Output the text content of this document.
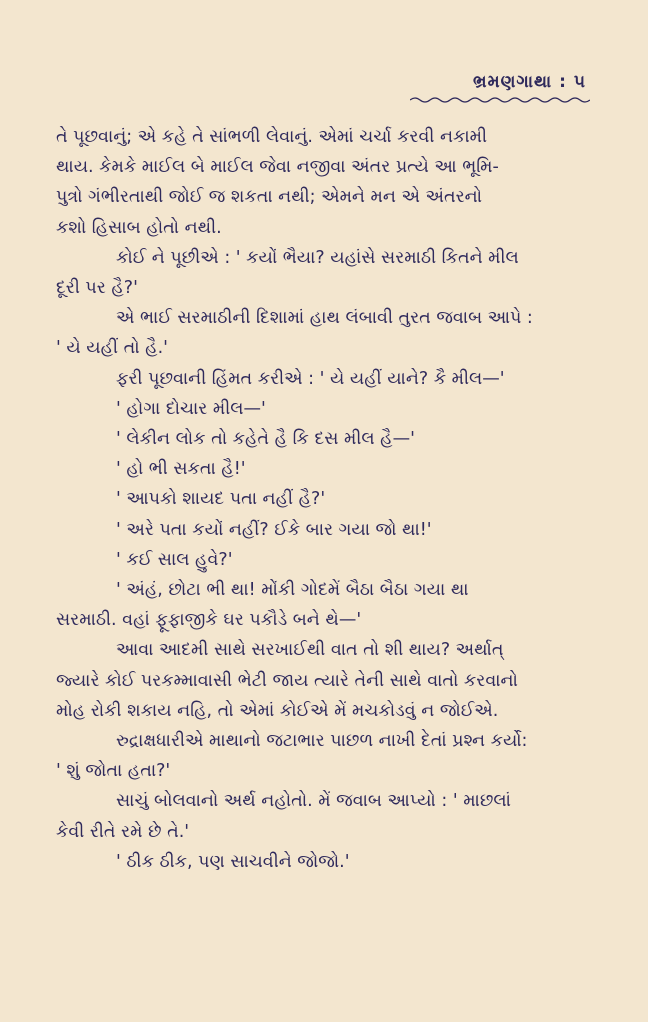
ભ્રમણગાથા : ૫

તે પૂછવાનું; એ કહે તે સાંભળી લેવાનું. એમાં ચર્ચા કરવી નકામી

થાય. કેમકે માઈલ બે માઈલ જેવા નજીવા અંતર પ્રત્યે આ ભૂમિ-

પુત્રો ગંભીરતાથી જોઈ જ શકતા નથી; એમને મન એ અંતરનો

કશો હિસાબ હોતો નથી.

કોઈ ને પૂછીએ : ' કયોં ભૈયા? યહાંસે સરમાઠી કિતને મીલ

દૂરી પર હૈ?'

એ ભાઈ સરમાઠીની દિશામાં હાથ લંબાવી તુરત જવાબ આપે :

' યે યહીં તો હૈ.'

ફરી પૂછવાની હિંમત કરીએ : ' યે યહીં યાને? કૈ મીલ—'

' હોગા દોચાર મીલ—'

' લેકીન લોક તો કહેતે હૈ કિ દસ મીલ હૈ—'

' હો ભી સકતા હૈ!'

' આપકો શાયદ પતા નહીં હૈ?'

' અરે પતા કયોં નહીં? ઈકે બાર ગયા જો થા!'

' કઈ સાલ હુવે?'

' અંહં, છોટા ભી થા! મોંકી ગોદમેં બૈઠા બૈઠા ગયા થા

સરમાઠી. વહાં ફૂફાજીકે ઘર પકૌડે બને થે—'

આવા આદમી સાથે સરખાઈથી વાત તો શી થાય? અર્થાત્

જ્યારે કોઈ પરકમ્માવાસી ભેટી જાય ત્યારે તેની સાથે વાતો કરવાનો

મોહ રોકી શકાય નહિ, તો એમાં કોઈએ મેં મચકોડવું ન જોઈએ.

રુદ્રાક્ષધારીએ માથાનો જટાભાર પાછળ નાખી દેતાં પ્રશ્ન કર્યો:

' શું જોતા હતા?'

સાચું બોલવાનો અર્થ નહોતો. મેં જવાબ આપ્યો : ' માછલાં

કેવી રીતે રમે છે તે.'

' ઠીક ઠીક, પણ સાચવીને જોજો.'
